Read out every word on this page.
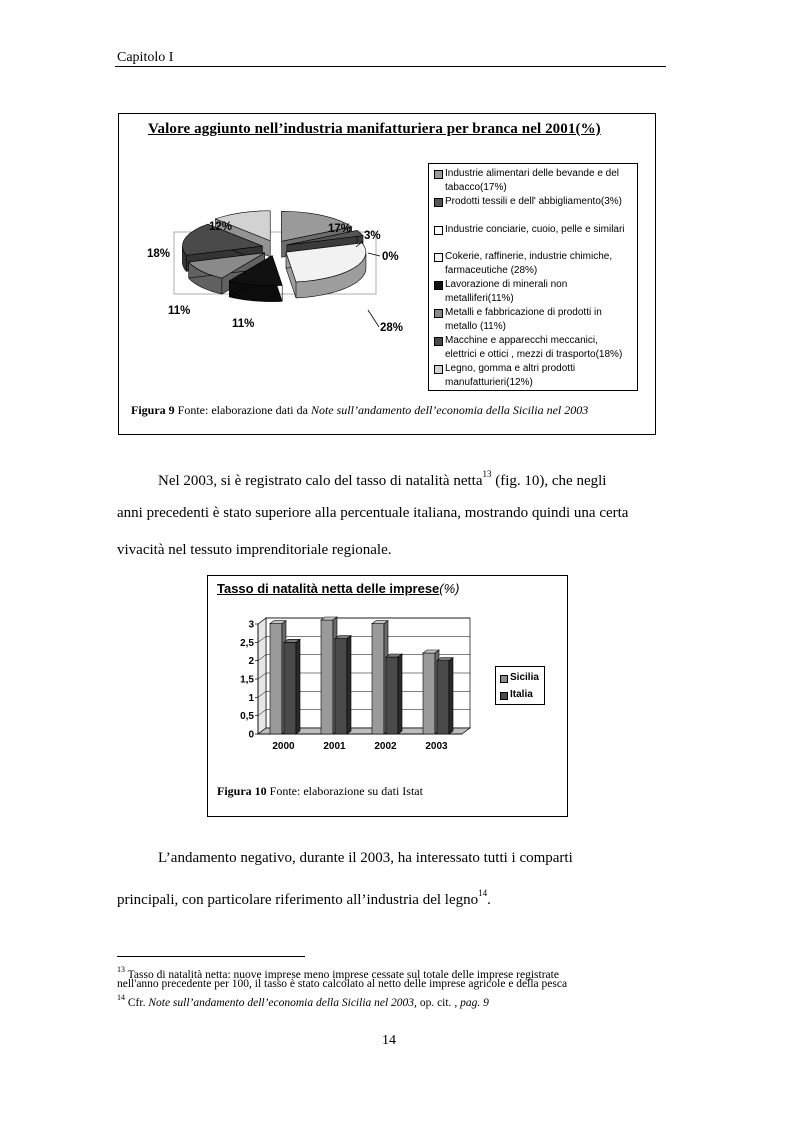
Capitolo I
Valore aggiunto nell’industria manifatturiera per branca nel 2001(%)
17%
3%
0%
28%
11%
11%
18%
12%
Industrie alimentari delle bevande e del
tabacco(17%)
Prodotti tessili e dell' abbigliamento(3%)
Industrie conciarie, cuoio, pelle e similari
Cokerie, raffinerie, industrie chimiche,
farmaceutiche (28%)
Lavorazione di minerali non
metalliferi(11%)
Metalli e fabbricazione di prodotti in
metallo (11%)
Macchine e apparecchi meccanici,
elettrici e ottici , mezzi di trasporto(18%)
Legno, gomma e altri prodotti
manufatturieri(12%)
Figura 9 Fonte: elaborazione dati da Note sull’andamento dell’economia della Sicilia nel 2003
Nel 2003, si è registrato calo del tasso di natalità netta$^{13}$ (fig. 10), che negli
anni precedenti è stato superiore alla percentuale italiana, mostrando quindi una certa
vivacità nel tessuto imprenditoriale regionale.
Tasso di natalità netta delle imprese(%)
0
0,5
1
1,5
2
2,5
3
2000	2001	2002	2003
Sicilia
Italia
Figura 10 Fonte: elaborazione su dati Istat
L’andamento negativo, durante il 2003, ha interessato tutti i comparti
principali, con particolare riferimento all’industria del legno$^{14}$.
$^{13}$ Tasso di natalità netta: nuove imprese meno imprese cessate sul totale delle imprese registrate
nell'anno precedente per 100, il tasso è stato calcolato al netto delle imprese agricole e della pesca
$^{14}$ Cfr. Note sull’andamento dell’economia della Sicilia nel 2003, op. cit. , pag. 9
14
